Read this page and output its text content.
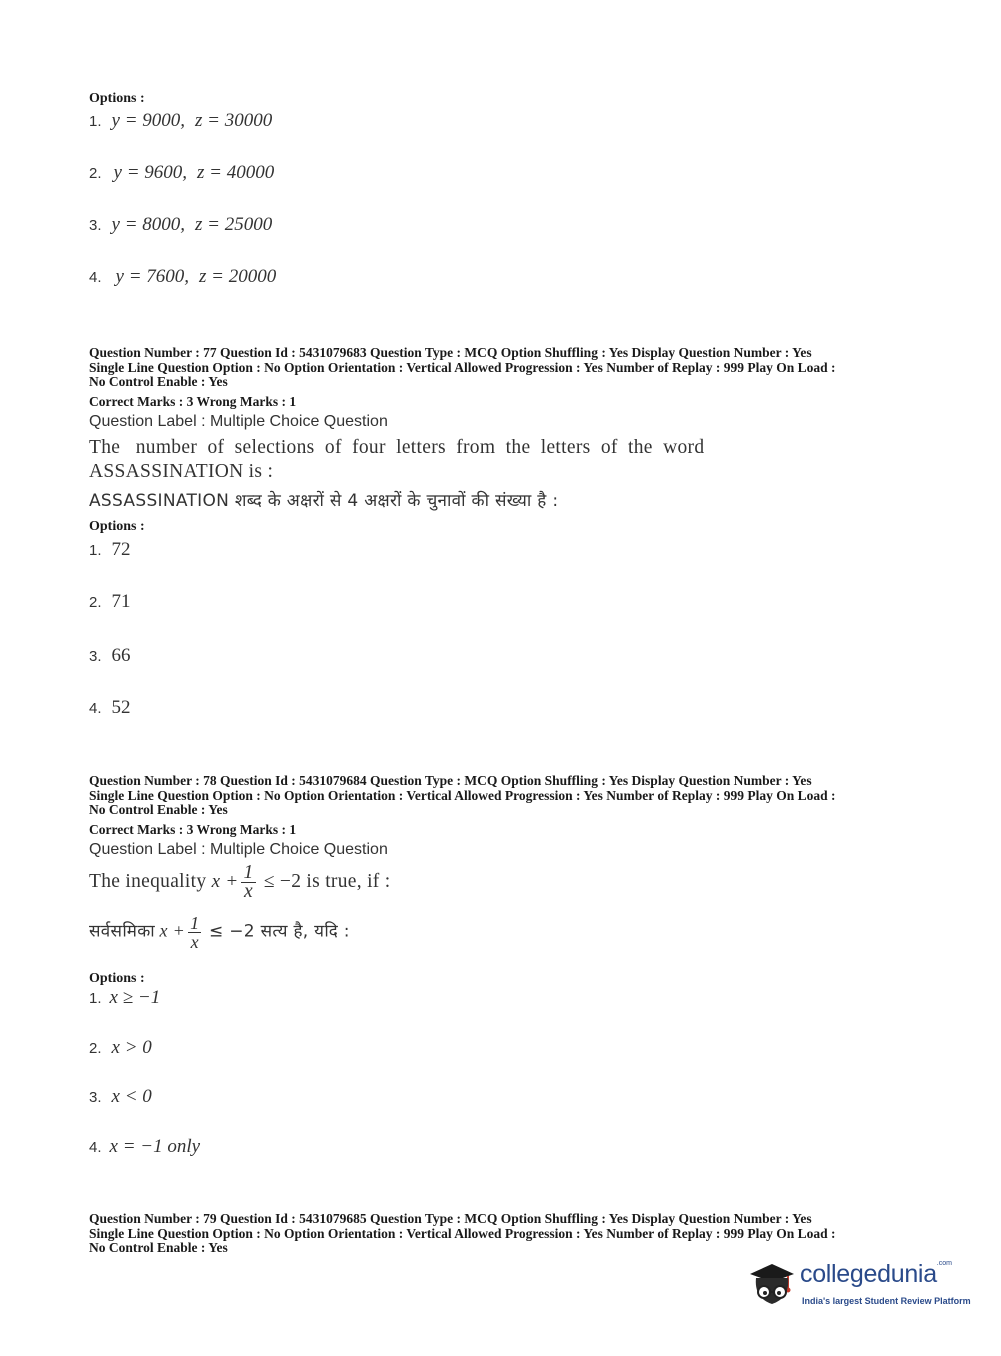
Options :
1. y = 9000, z = 30000
2. y = 9600, z = 40000
3. y = 8000, z = 25000
4. y = 7600, z = 20000
Question Number : 77 Question Id : 5431079683 Question Type : MCQ Option Shuffling : Yes Display Question Number : Yes
Single Line Question Option : No Option Orientation : Vertical Allowed Progression : Yes Number of Replay : 999 Play On Load :
No Control Enable : Yes
Correct Marks : 3 Wrong Marks : 1
Question Label : Multiple Choice Question
The   number  of  selections  of  four  letters  from  the  letters  of  the  word
ASSASSINATION is :
ASSASSINATION शब्द के अक्षरों से 4 अक्षरों के चुनावों की संख्या है :
Options :
1. 72
2. 71
3. 66
4. 52
Question Number : 78 Question Id : 5431079684 Question Type : MCQ Option Shuffling : Yes Display Question Number : Yes
Single Line Question Option : No Option Orientation : Vertical Allowed Progression : Yes Number of Replay : 999 Play On Load :
No Control Enable : Yes
Correct Marks : 3 Wrong Marks : 1
Question Label : Multiple Choice Question
The inequality $x + \frac{1}{x} \le -2$ is true, if :
सर्वसमिका $x + \frac{1}{x} \le -2$ सत्य है, यदि :
Options :
1. x ≥ −1
2. x > 0
3. x < 0
4. x = −1 only
Question Number : 79 Question Id : 5431079685 Question Type : MCQ Option Shuffling : Yes Display Question Number : Yes
Single Line Question Option : No Option Orientation : Vertical Allowed Progression : Yes Number of Replay : 999 Play On Load :
No Control Enable : Yes
collegedunia$^{.com}$
India's largest Student Review Platform
